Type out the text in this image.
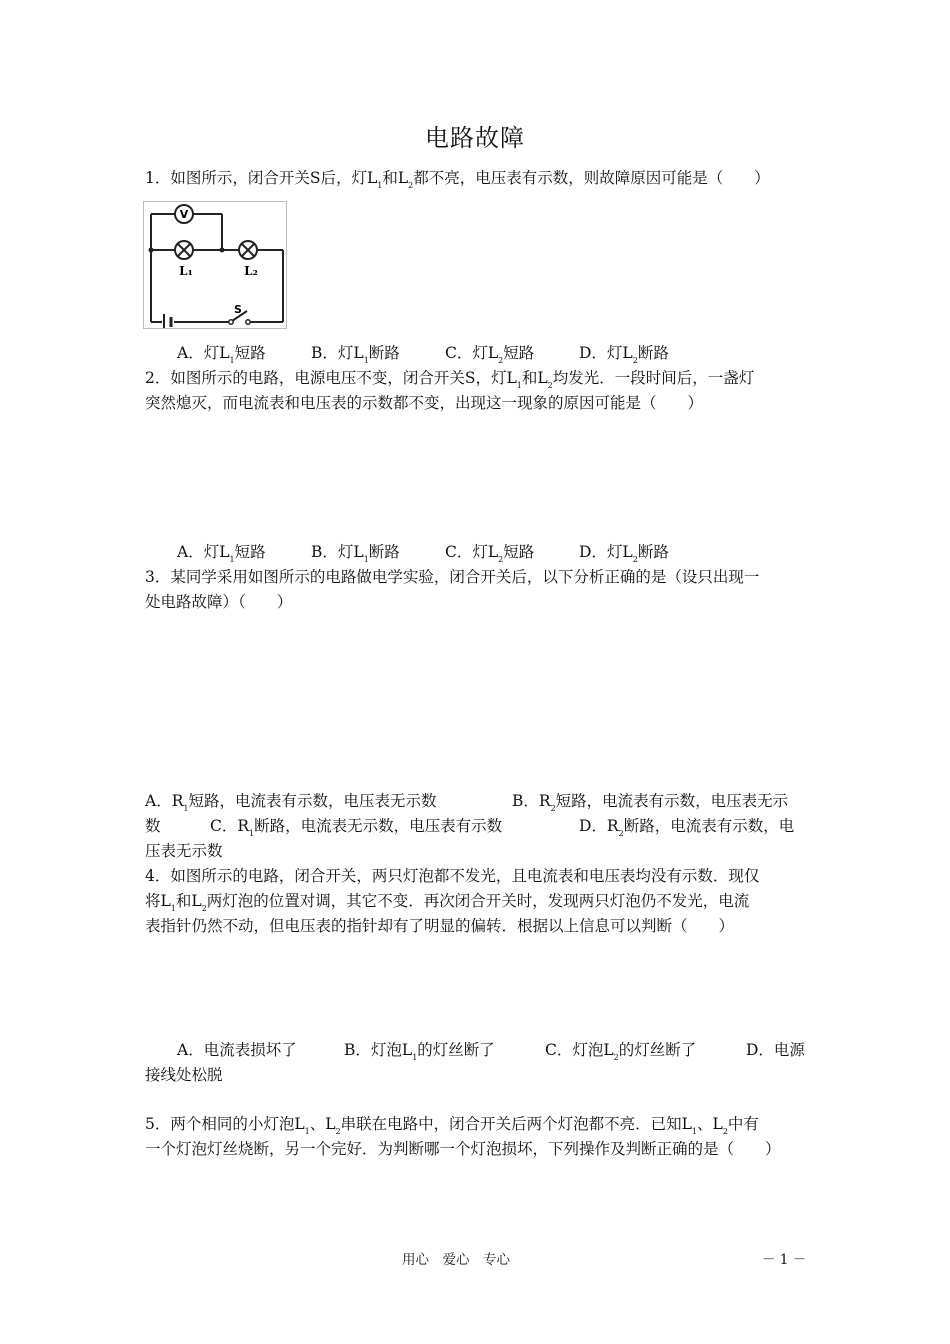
电路故障
1．如图所示，闭合开关S后，灯$L_1$和$L_2$都不亮，电压表有示数，则故障原因可能是（　　）
V
L₁	L₂
S
A．灯$L_1$短路	B．灯$L_1$断路	C．灯$L_2$短路	D．灯$L_2$断路
2．如图所示的电路，电源电压不变，闭合开关S，灯$L_1$和$L_2$均发光．一段时间后，一盏灯
突然熄灭，而电流表和电压表的示数都不变，出现这一现象的原因可能是（　　）
A．灯$L_1$短路	B．灯$L_1$断路	C．灯$L_2$短路	D．灯$L_2$断路
3．某同学采用如图所示的电路做电学实验，闭合开关后，以下分析正确的是（设只出现一
处电路故障）（　　）
A．$R_1$短路，电流表有示数，电压表无示数	B．$R_2$短路，电流表有示数，电压表无示
数	C．$R_1$断路，电流表无示数，电压表有示数	D．$R_2$断路，电流表有示数，电
压表无示数
4．如图所示的电路，闭合开关，两只灯泡都不发光，且电流表和电压表均没有示数．现仅
将$L_1$和$L_2$两灯泡的位置对调，其它不变．再次闭合开关时，发现两只灯泡仍不发光，电流
表指针仍然不动，但电压表的指针却有了明显的偏转．根据以上信息可以判断（　　）
A．电流表损坏了	B．灯泡$L_1$的灯丝断了	C．灯泡$L_2$的灯丝断了	D．电源
接线处松脱
5．两个相同的小灯泡$L_1$、$L_2$串联在电路中，闭合开关后两个灯泡都不亮．已知$L_1$、$L_2$中有
一个灯泡灯丝烧断，另一个完好．为判断哪一个灯泡损坏，下列操作及判断正确的是（　　）
用心　爱心　专心	－ 1 －
